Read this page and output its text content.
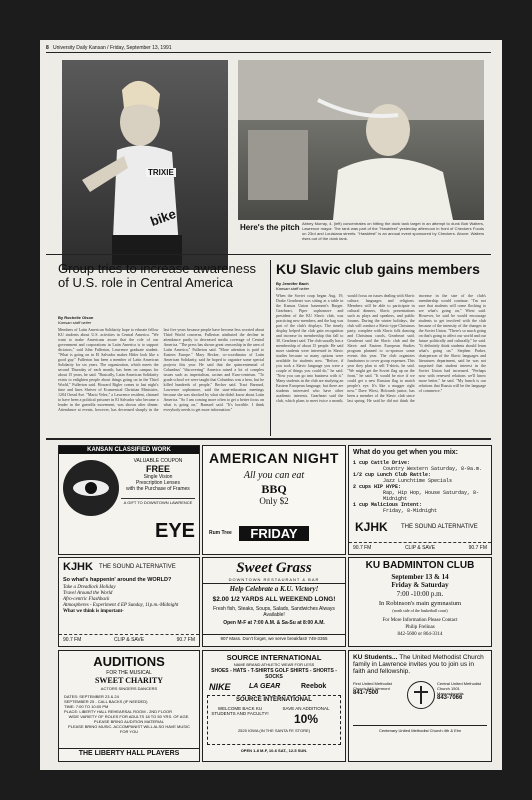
8 University Daily Kansan / Friday, September 13, 1991
TRIXIE
bike	Here's the pitch Abbey Murray, 4, (left) concentrates on hitting the dunk tank target in an attempt to dunk Bob Walters, Lawrence mayor. The tank was part of the "Hawkfest" yesterday afternoon in front of Checkers Foods on 23rd and Louisiana streets. "Hawkfest" is an annual event sponsored by Checkers. Above: Walters rises out of the dunk tank.
Group tries to increase awareness of U.S. role in Central America
By Rochelle Olson
Kansan staff writer
Members of Latin American Solidarity hope to educate fellow KU students about U.S. activities in Central America. "We want to make Americans aware that the role of our government and corporations in Latin America is to support dictators," said John Fullerton, Lawrence graduate student. "What is going on in El Salvador makes Hitler look like a good guy." Fullerton has been a member of Latin American Solidarity for six years. The organization, which meets the second Thursday of each month, has been on campus for about 15 years, he said. "Basically, Latin American Solidarity exists to enlighten people about things going on in the Third World," Fullerton said. Howard Rigler comes to last night's time and lines Shriver of Ecumenical Christian Ministries, 1204 Oread Ave. "Mario Velez," a Lawrence resident, claimed to have been a political prisoner in El Salvador who became a leader in the guerrilla movement, was shown after dinner. Attendance at events, however, has decreased sharply in the last five years because people have become less worried about Third World concerns. Fullerton attributed the decline in attendance partly to decreased media coverage of Central America. "The press has shown great censorship in the area of Latin America," Fullerton said. "More attention is paid to Eastern Europe." Mary Becker, co-coordinator of Latin American Solidarity, said he hoped to organize some special projects this year. He said that the quincentennial of Columbus' "discovering" America raised a lot of complex issues such as imperialism, racism and Euro-centrism. "To grade school we were taught that Columbus was a hero, but he killed hundreds of people," Becker said. Traci Barnard, Lawrence sophomore, said the start-education meetings because she was shocked by what she didn't know about Latin America. "So I am coming more often to get a better focus on what is going on," Barnard said. "It's horrible. I think everybody needs to get more information."
KU Slavic club gains members
By Jennifer Bach
Kansan staff writer
When the Soviet coup began Aug. 19, Drake Gearheart was sitting at a table in the Kansas Union basement's Burger. Gearheart, Piper sophomore and president of the KU Slavic club, was practicing new members, and the bag was part of the club's displays. The timely display helped the club gain recognition and increase its membership this fall to 30, Gearheart said. The club usually has a membership of about 15 people. He said more students were interested in Slavic studies because so many options were available for students now. "Before, if you took a Slavic language you were a couple of things you could do," he said. "Now you can go into business with it." Many students in the club are studying an Eastern European language, but there are students interested who have other academic interests. Gearheart said the club, which plans to meet twice a month, would focus on issues dealing with Slavic culture, languages and religions. Members will be able to participate in cultural dinners, Slavic presentations such as plays and speakers, and public forums. During the winter holidays, the club will conduct a Slavic-type Christmas party, complete with Slavic folk dancing and Christmas carols, Gearheart said. Gearheart said the Slavic club and the Slavic and Eastern European Studies program planned to co-sponsor some events this year. The club organizes fundraisers to cover group expenses. This year they plan to sell T-shirts, he said. "We might get the Soviet flag up on the front," he said. "It would be nice if we could get a new Russian flag to match people's eye. It's like a mugger right now." Dave Wiest, Holcomb junior, has been a member of the Slavic club since last spring. He said he did not think the increase in the size of the club's membership would continue. "I'm not sure that students will come flocking to see what's going on," Wiest said. However, he said he would encourage students to get involved with the club because of the intensity of the changes in the Soviet Union. "There's so much going on that's going to affect our world and our future politically and culturally," he said. "It definitely think students should learn what's going on." Stephen Parker, chairperson of the Slavic languages and literatures department, said he was not surprised that student interest in the Soviet Union had increased. "Perhaps now with renewed relations we'll know more better," he said. "My hunch is our relations that Russia will be the language of commerce."
KANSAN CLASSIFIED WORK
VALUABLE COUPON
FREE
Single Vision
Prescription Lenses
with the Purchase of Frames
A GIFT TO DOWNTOWN LAWRENCE
EYE
AMERICAN NIGHT
All you can eat
BBQ
Only $2
Rum Tree	FRIDAY
What do you get when you mix:
1 cup Cattle Drive:
Country Western Saturday, 8-9a.m.
1/2 cup Lunch Club Rattle:
Jazz Lunchtime Specials
2 cups HIP HYPE:
Rap, Hip Hop, House Saturday, 8-Midnight
1 cup Malicious Intent:
Friday, 8-Midnight
KJHK THE SOUND ALTERNATIVE
90.7 FM	CLIP & SAVE	90.7 FM
KJHK THE SOUND ALTERNATIVE
So what's happenin' around the WORLD?
Take a Dreadlock Holiday
Travel Around the World
Afro-centric Flashback
Atmospheres - Experiment 4 EP Sunday, 11p.m.-Midnight
What we think is important-
90.7 FM	CLIP & SAVE	90.7 FM
Sweet Grass
DOWNTOWN RESTAURANT & BAR
Help Celebrate a K.U. Victory!
$2.00 1/2 YARDS ALL WEEKEND LONG!
Fresh fish, Steaks, Soups, Salads, Sandwiches Always Available!
Open M-F at 7:00 A.M. & Sa-Su at 8:00 A.M.
907 Mass. Don't forget, we serve breakfast! 749-3355
KU BADMINTON CLUB
September 13 & 14
Friday & Saturday
7:00 -10:00 p.m.
In Robinson's main gymnasium
(north side of the basketball court)
For More Information Please Contact
Philip Frelinas
842-5600 or 864-3314
AUDITIONS
FOR THE MUSICAL
SWEET CHARITY
ACTORS SINGERS DANCERS
DATES: SEPTEMBER 23 & 24
SEPTEMBER 25 - CALL BACKS (IF NEEDED)
TIME: 7:00 TO 10:00 PM
PLACE: LIBERTY HALL REHEARSAL ROOM - 2ND FLOOR
WIDE VARIETY OF ROLES FOR ADULTS 18 TO 50 YRS. OF AGE. PLEASE BRING AUDITION MATERIAL
PLEASE BRING MUSIC. ACCOMPANIST WILL ALSO HAVE MUSIC FOR YOU
THE LIBERTY HALL PLAYERS
SOURCE INTERNATIONAL
NAME BRAND ATHLETIC WEAR FOR LESS
SHOES - HATS - T-SHIRTS GOLF SHIRTS - SHORTS - SOCKS
NIKE	LA GEAR	Reebok
SOURCE INTERNATIONAL
WELCOME BACK KU STUDENTS AND FACULTY!
SAVE AN ADDITIONAL
10%
2525 IOWA (IN THE SANTA FE STORE)
OPEN 1-8 M-F, 10-6 SAT., 12-5 SUN.
KU Students... The United Methodist Church family in Lawrence invites you to join us in faith and fellowship.
First United Methodist Church 946 Vermont
841-7500
Central United Methodist Church 1501 Massachusetts
843-7066
Centenary United Methodist Church 4th & Elm
